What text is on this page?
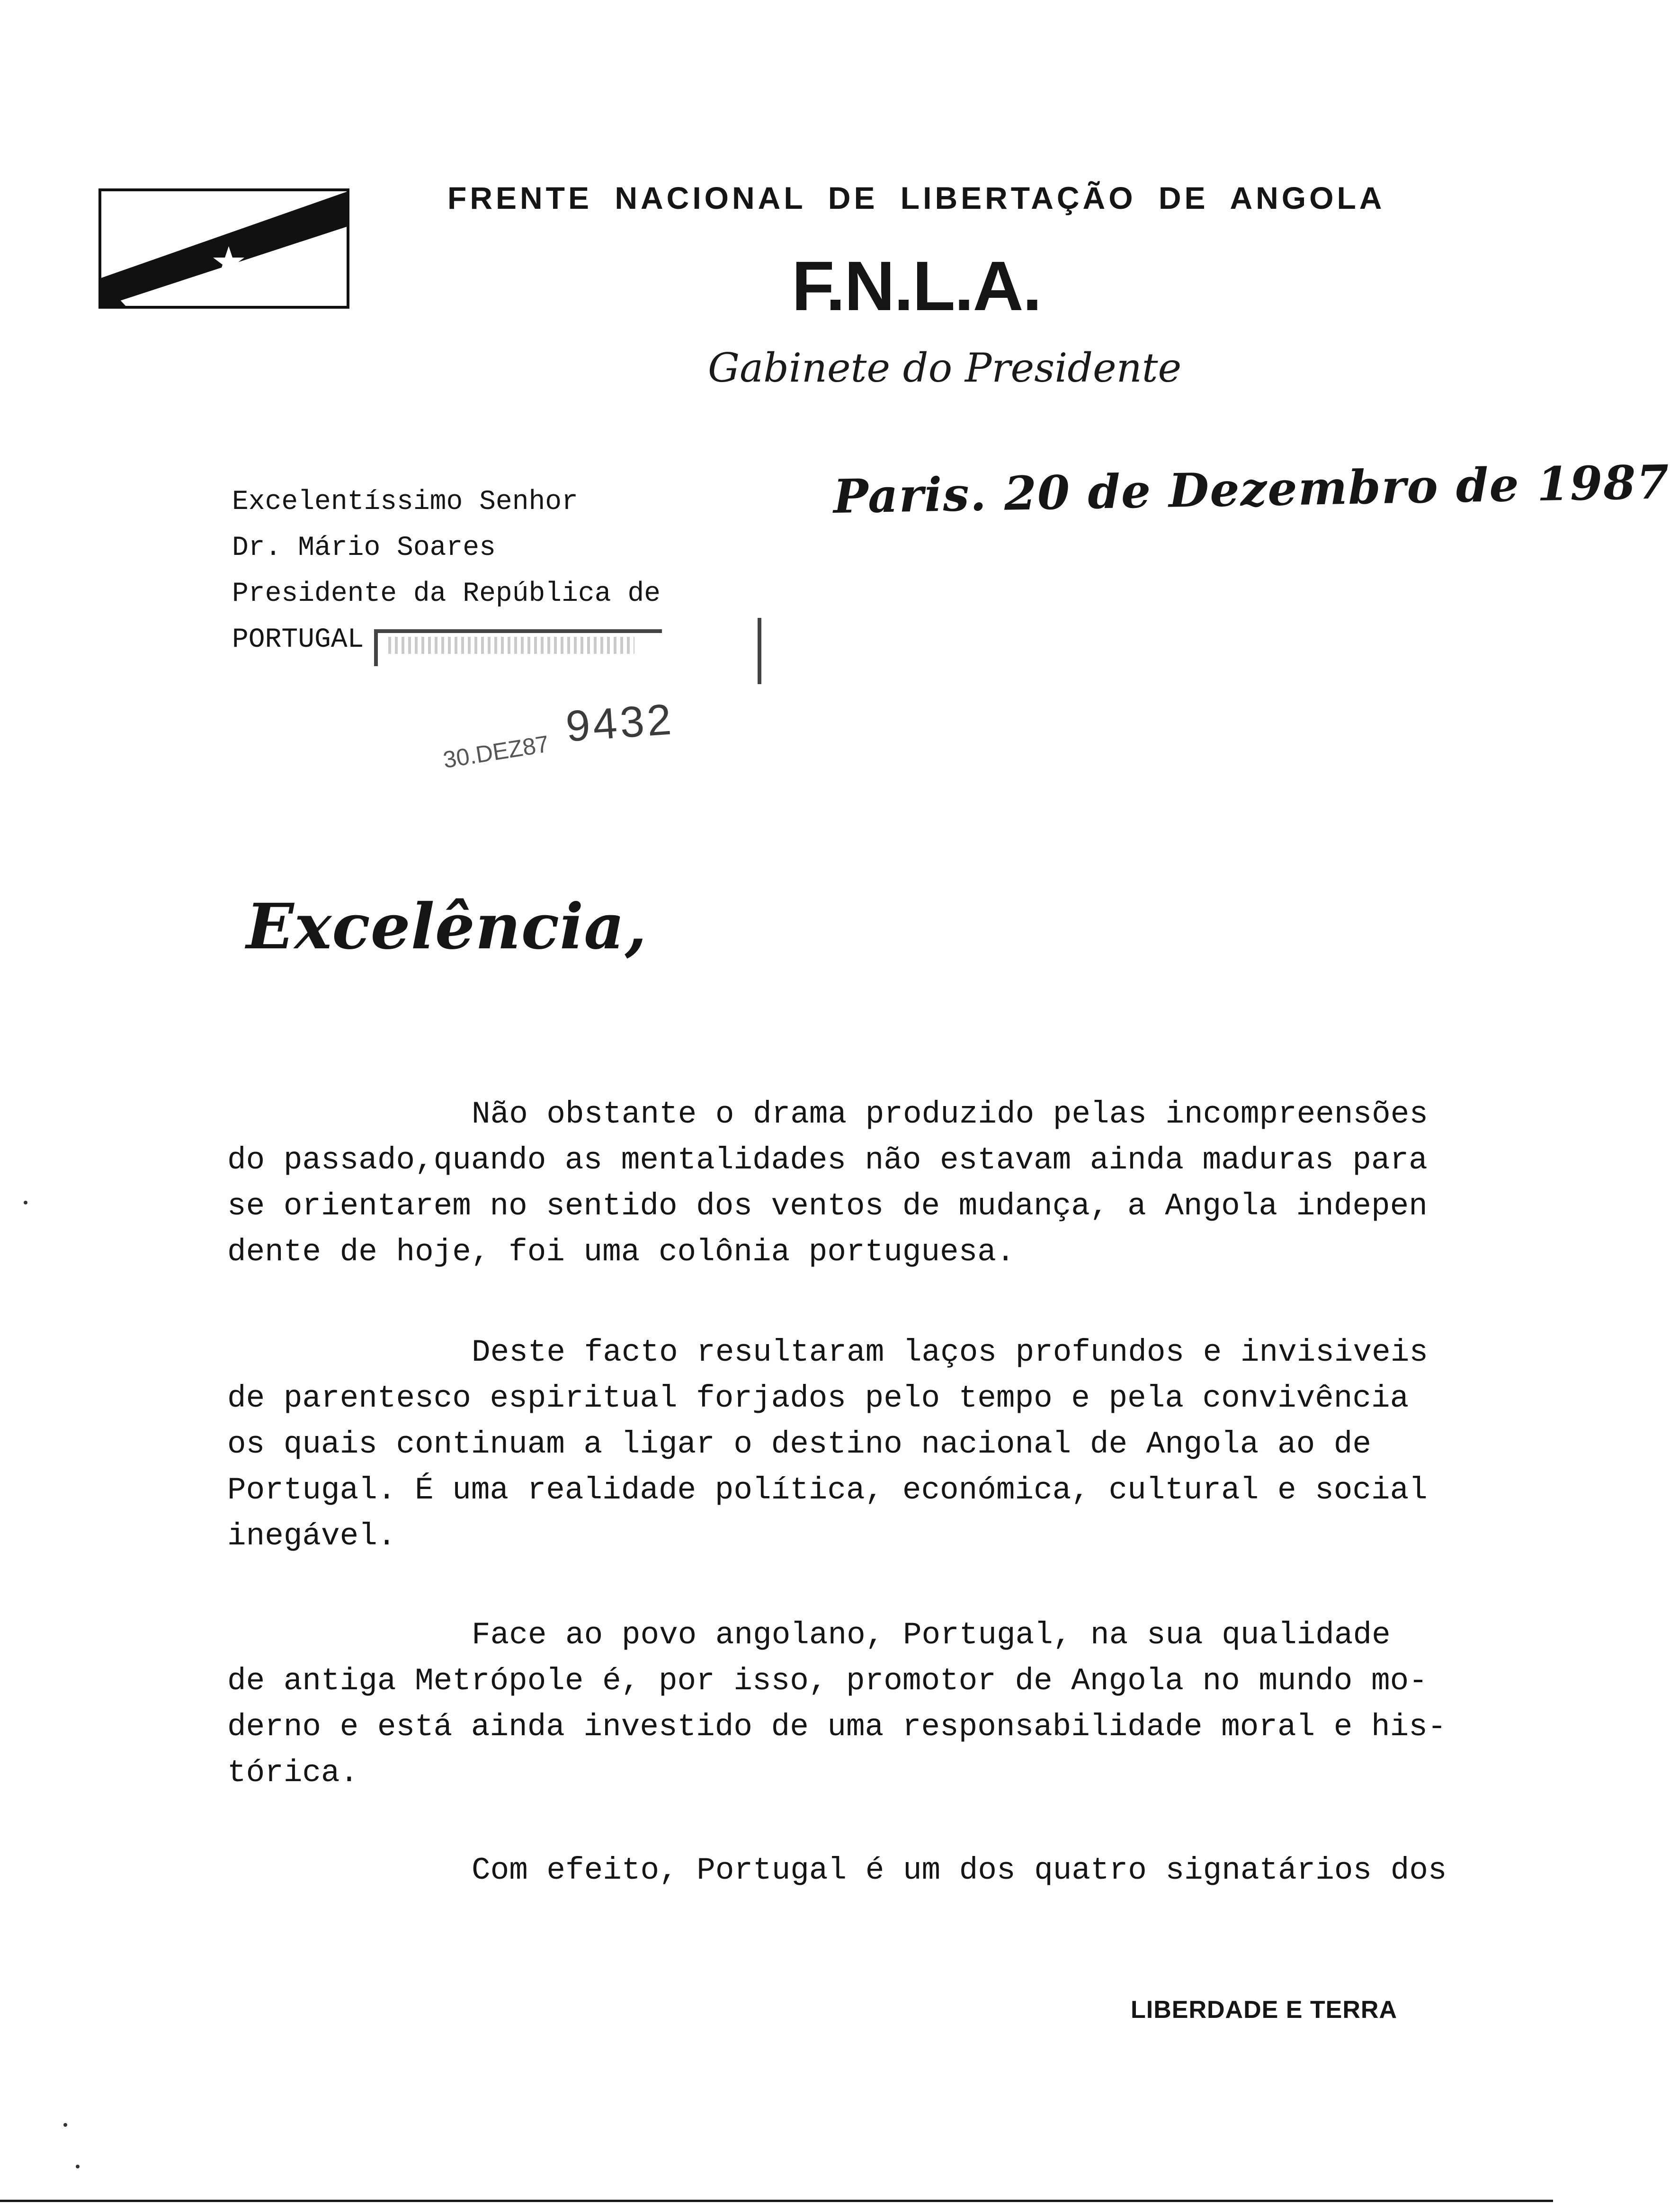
FRENTE NACIONAL DE LIBERTAÇÃO DE ANGOLA
F.N.L.A.
Gabinete do Presidente
Excelentíssimo Senhor
Dr. Mário Soares
Presidente da República de
PORTUGAL
Paris. 20 de Dezembro de 1987
9432
30.DEZ87
Excelência,
Não obstante o drama produzido pelas incompreensões
do passado,quando as mentalidades não estavam ainda maduras para
se orientarem no sentido dos ventos de mudança, a Angola indepen
dente de hoje, foi uma colônia portuguesa.
Deste facto resultaram laços profundos e invisiveis
de parentesco espiritual forjados pelo tempo e pela convivência
os quais continuam a ligar o destino nacional de Angola ao de
Portugal. É uma realidade política, económica, cultural e social
inegável.
Face ao povo angolano, Portugal, na sua qualidade
de antiga Metrópole é, por isso, promotor de Angola no mundo mo-
derno e está ainda investido de uma responsabilidade moral e his-
tórica.
Com efeito, Portugal é um dos quatro signatários dos
LIBERDADE E TERRA
